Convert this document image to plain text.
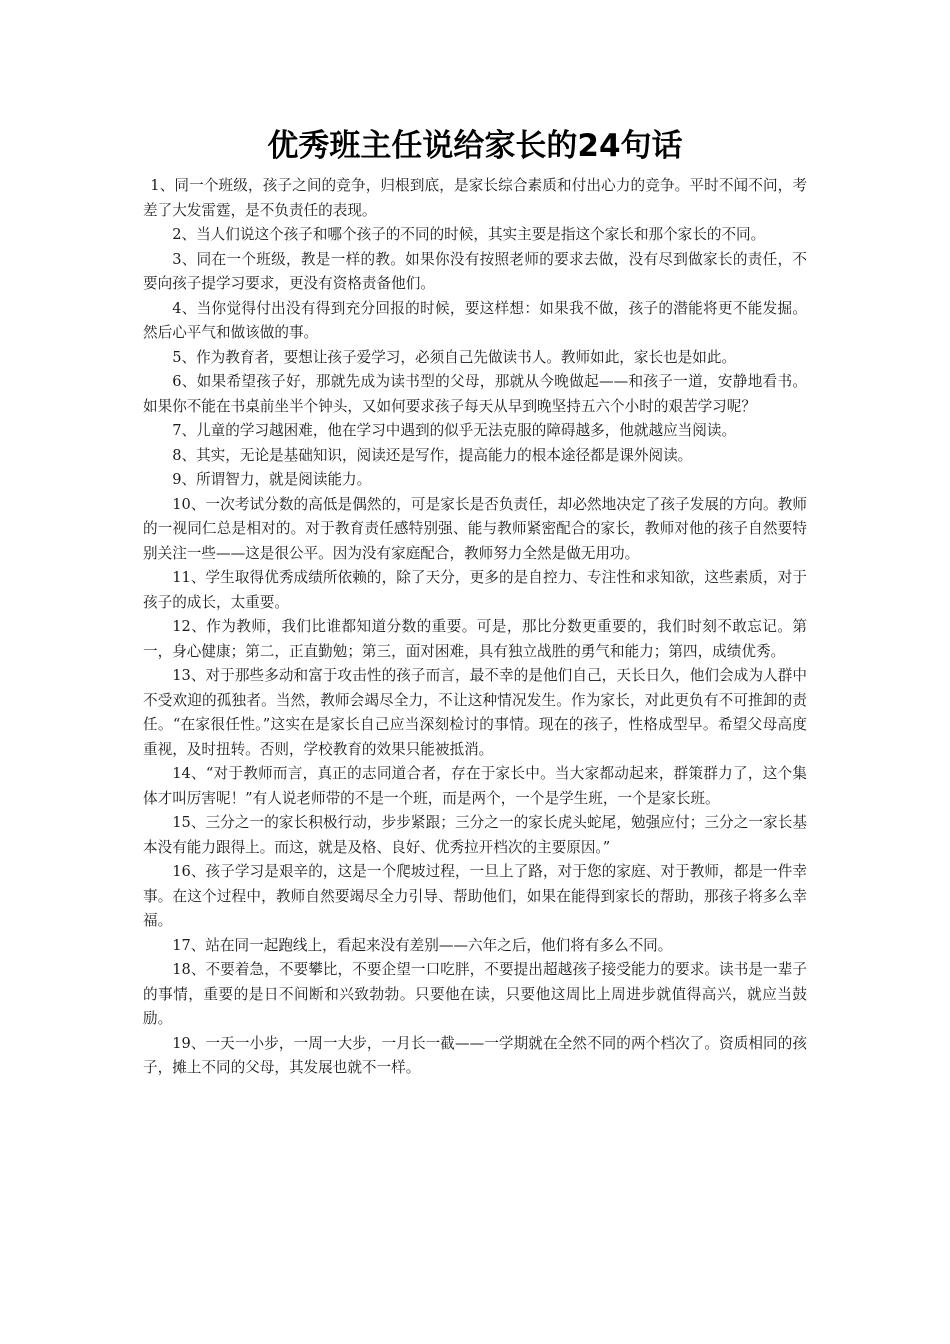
优秀班主任说给家长的24句话

1、同一个班级，孩子之间的竞争，归根到底，是家长综合素质和付出心力的竞争。平时不闻不问，考差了大发雷霆，是不负责任的表现。

2、当人们说这个孩子和哪个孩子的不同的时候，其实主要是指这个家长和那个家长的不同。

3、同在一个班级，教是一样的教。如果你没有按照老师的要求去做，没有尽到做家长的责任，不要向孩子提学习要求，更没有资格责备他们。

4、当你觉得付出没有得到充分回报的时候，要这样想：如果我不做，孩子的潜能将更不能发掘。然后心平气和做该做的事。

5、作为教育者，要想让孩子爱学习，必须自己先做读书人。教师如此，家长也是如此。

6、如果希望孩子好，那就先成为读书型的父母，那就从今晚做起——和孩子一道，安静地看书。如果你不能在书桌前坐半个钟头，又如何要求孩子每天从早到晚坚持五六个小时的艰苦学习呢？

7、儿童的学习越困难，他在学习中遇到的似乎无法克服的障碍越多，他就越应当阅读。

8、其实，无论是基础知识，阅读还是写作，提高能力的根本途径都是课外阅读。

9、所谓智力，就是阅读能力。

10、一次考试分数的高低是偶然的，可是家长是否负责任，却必然地决定了孩子发展的方向。教师的一视同仁总是相对的。对于教育责任感特别强、能与教师紧密配合的家长，教师对他的孩子自然要特别关注一些——这是很公平。因为没有家庭配合，教师努力全然是做无用功。

11、学生取得优秀成绩所依赖的，除了天分，更多的是自控力、专注性和求知欲，这些素质，对于孩子的成长，太重要。

12、作为教师，我们比谁都知道分数的重要。可是，那比分数更重要的，我们时刻不敢忘记。第一，身心健康；第二，正直勤勉；第三，面对困难，具有独立战胜的勇气和能力；第四，成绩优秀。

13、对于那些多动和富于攻击性的孩子而言，最不幸的是他们自己，天长日久，他们会成为人群中不受欢迎的孤独者。当然，教师会竭尽全力，不让这种情况发生。作为家长，对此更负有不可推卸的责任。“在家很任性。”这实在是家长自己应当深刻检讨的事情。现在的孩子，性格成型早。希望父母高度重视，及时扭转。否则，学校教育的效果只能被抵消。

14、“对于教师而言，真正的志同道合者，存在于家长中。当大家都动起来，群策群力了，这个集体才叫厉害呢！”有人说老师带的不是一个班，而是两个，一个是学生班，一个是家长班。

15、三分之一的家长积极行动，步步紧跟；三分之一的家长虎头蛇尾，勉强应付；三分之一家长基本没有能力跟得上。而这，就是及格、良好、优秀拉开档次的主要原因。”

16、孩子学习是艰辛的，这是一个爬坡过程，一旦上了路，对于您的家庭、对于教师，都是一件幸事。在这个过程中，教师自然要竭尽全力引导、帮助他们，如果在能得到家长的帮助，那孩子将多么幸福。

17、站在同一起跑线上，看起来没有差别——六年之后，他们将有多么不同。

18、不要着急，不要攀比，不要企望一口吃胖，不要提出超越孩子接受能力的要求。读书是一辈子的事情，重要的是日不间断和兴致勃勃。只要他在读，只要他这周比上周进步就值得高兴，就应当鼓励。

19、一天一小步，一周一大步，一月长一截——一学期就在全然不同的两个档次了。资质相同的孩子，摊上不同的父母，其发展也就不一样。
